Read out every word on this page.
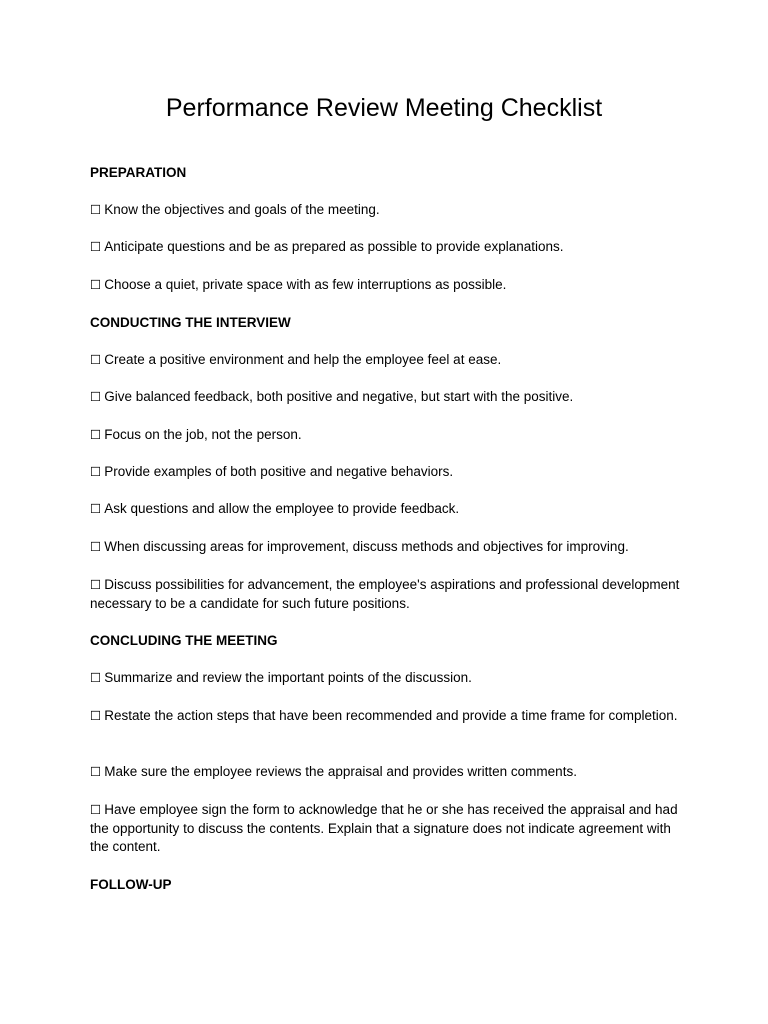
Performance Review Meeting Checklist
PREPARATION

☐ Know the objectives and goals of the meeting.

☐ Anticipate questions and be as prepared as possible to provide explanations.

☐ Choose a quiet, private space with as few interruptions as possible.

CONDUCTING THE INTERVIEW

☐ Create a positive environment and help the employee feel at ease.

☐ Give balanced feedback, both positive and negative, but start with the positive.

☐ Focus on the job, not the person.

☐ Provide examples of both positive and negative behaviors.

☐ Ask questions and allow the employee to provide feedback.

☐ When discussing areas for improvement, discuss methods and objectives for improving.

☐ Discuss possibilities for advancement, the employee's aspirations and professional development necessary to be a candidate for such future positions.

CONCLUDING THE MEETING

☐ Summarize and review the important points of the discussion.

☐ Restate the action steps that have been recommended and provide a time frame for completion.

☐ Make sure the employee reviews the appraisal and provides written comments.

☐ Have employee sign the form to acknowledge that he or she has received the appraisal and had the opportunity to discuss the contents. Explain that a signature does not indicate agreement with the content.

FOLLOW-UP
